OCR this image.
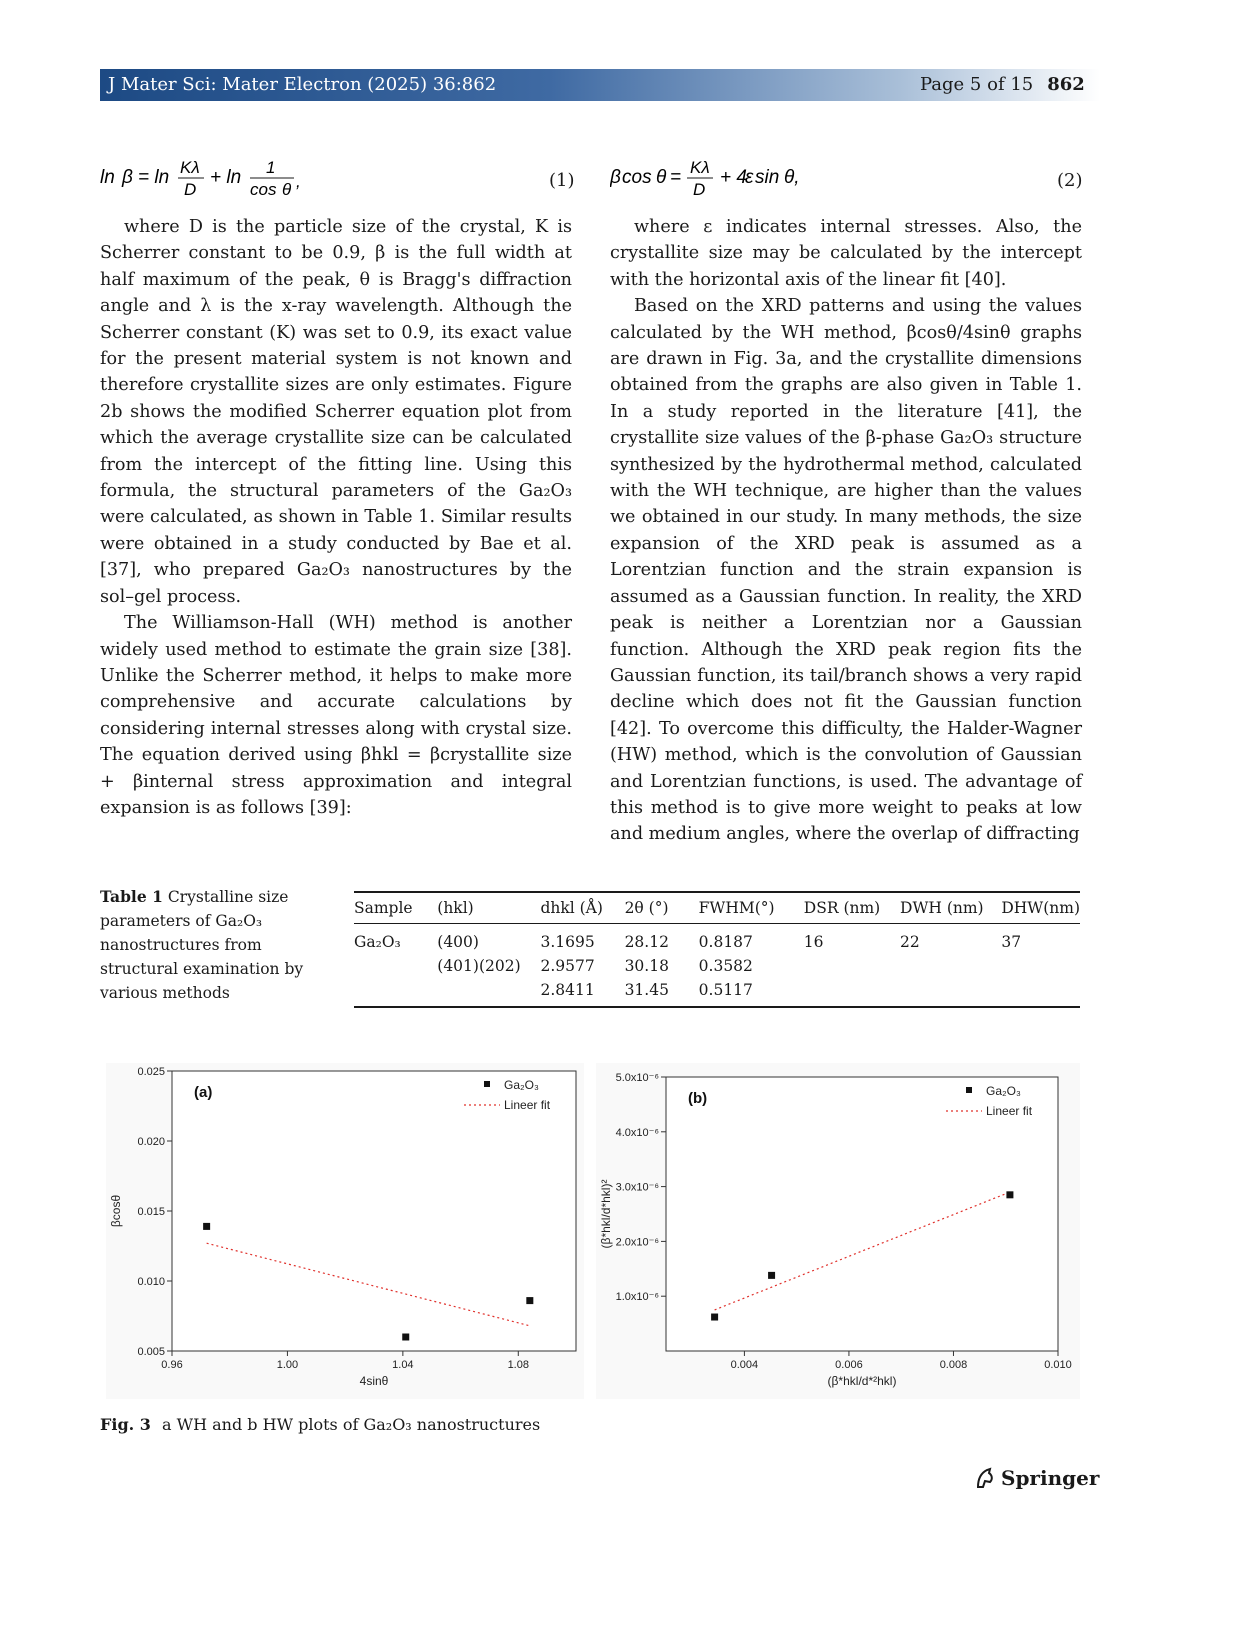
J Mater Sci: Mater Electron (2025) 36:862	Page 5 of 15 862
ln β = ln Kλ
D
+ ln 1
cos θ ,	(1) β cos θ = Kλ
D
+ 4
ε sin θ,	(2)

where D is the particle size of the crystal, K is Scherrer constant to be 0.9, β is the full width at half maximum of the peak, θ is Bragg's diffraction angle and λ is the x-ray wavelength. Although the Scherrer constant (K) was set to 0.9, its exact value for the present material system is not known and therefore crystallite sizes are only estimates. Figure 2b shows the modified Scherrer equation plot from which the average crystallite size can be calculated from the intercept of the fitting line. Using this formula, the structural parameters of the Ga₂O₃ were calculated, as shown in Table 1. Similar results were obtained in a study conducted by Bae et al. [37], who prepared Ga₂O₃ nanostructures by the sol–gel process.

The Williamson-Hall (WH) method is another widely used method to estimate the grain size [38]. Unlike the Scherrer method, it helps to make more comprehensive and accurate calculations by considering internal stresses along with crystal size. The equation derived using βhkl = βcrystallite size + βinternal stress approximation and integral expansion is as follows [39]:

where ε indicates internal stresses. Also, the crystallite size may be calculated by the intercept with the horizontal axis of the linear fit [40].

Based on the XRD patterns and using the values calculated by the WH method, βcosθ/4sinθ graphs are drawn in Fig. 3a, and the crystallite dimensions obtained from the graphs are also given in Table 1. In a study reported in the literature [41], the crystallite size values of the β-phase Ga₂O₃ structure synthesized by the hydrothermal method, calculated with the WH technique, are higher than the values we obtained in our study. In many methods, the size expansion of the XRD peak is assumed as a Lorentzian function and the strain expansion is assumed as a Gaussian function. In reality, the XRD peak is neither a Lorentzian nor a Gaussian function. Although the XRD peak region fits the Gaussian function, its tail/branch shows a very rapid decline which does not fit the Gaussian function [42]. To overcome this difficulty, the Halder-Wagner (HW) method, which is the convolution of Gaussian and Lorentzian functions, is used. The advantage of this method is to give more weight to peaks at low and medium angles, where the overlap of diffracting

Table 1 Crystalline size parameters of Ga₂O₃ nanostructures from structural examination by various methods
Sample	(hkl)	dhkl (Å)	2θ (°)	FWHM(°)	DSR (nm)	DWH (nm)	DHW(nm)
Ga₂O₃	(400)	3.1695	28.12	0.8187	16	22	37
	(401)(202)	2.9577	30.18	0.3582			
		2.8411	31.45	0.5117			
0.005
0.010
0.015
0.020
0.025
0.96	1.00	1.04	1.08
4sinθ
βcosθ
(a)	Ga₂O₃
Lineer fit
1.0x10⁻⁶
2.0x10⁻⁶
3.0x10⁻⁶
4.0x10⁻⁶
5.0x10⁻⁶
0.004	0.006	0.008	0.010
(β*hkl/d*²hkl)
(β*hkl/d*hkl)²
(b)	Ga₂O₃
Lineer fit
Fig. 3 a WH and b HW plots of Ga₂O₃ nanostructures
Springer
